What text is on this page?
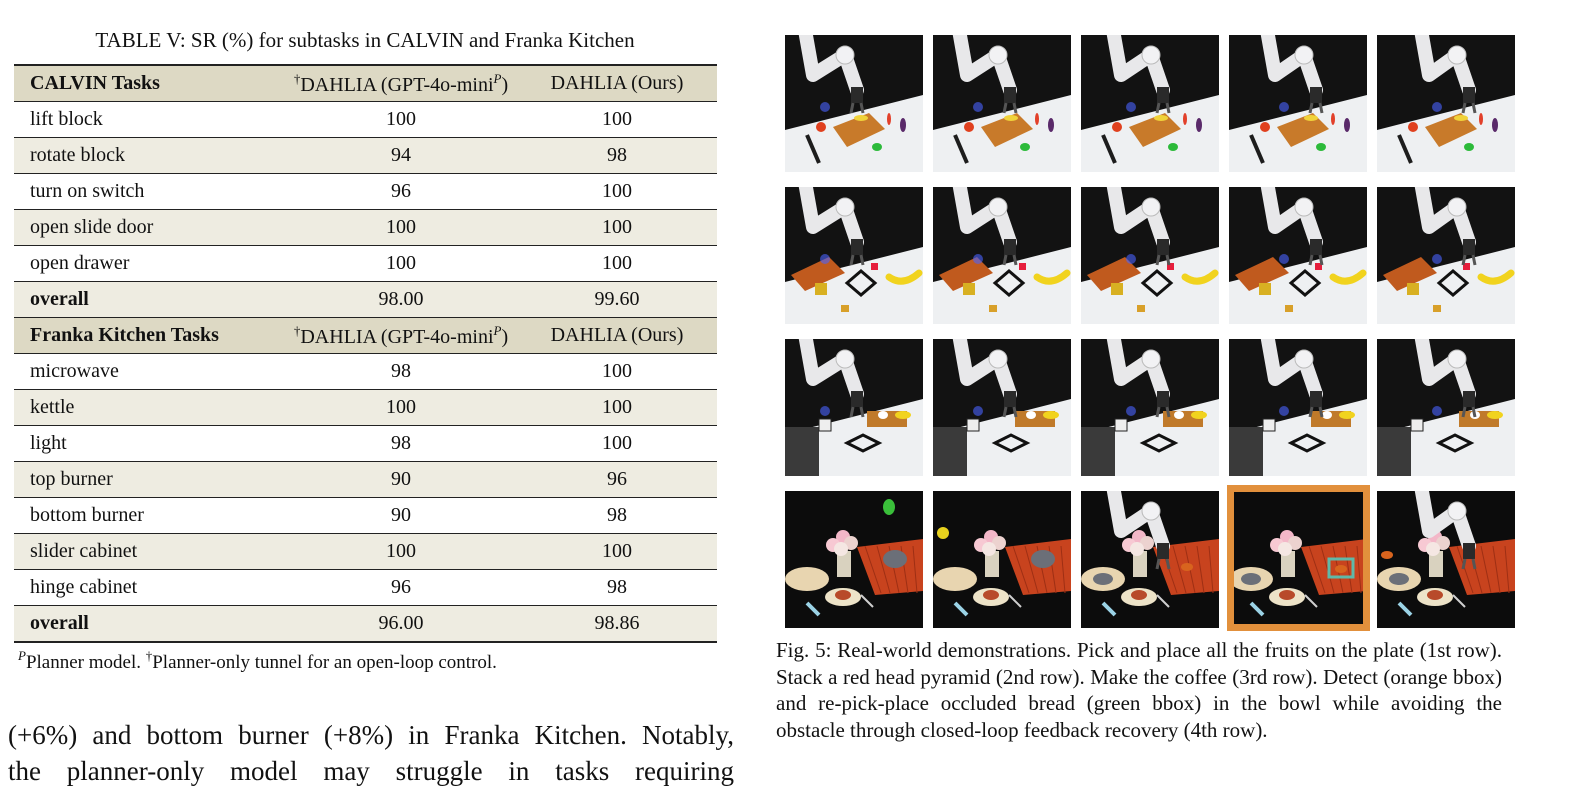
TABLE V: SR (%) for subtasks in CALVIN and Franka Kitchen
CALVIN Tasks	†DAHLIA (GPT-4o-mini$^P$)	DAHLIA (Ours)
lift block	100	100
rotate block	94	98
turn on switch	96	100
open slide door	100	100
open drawer	100	100
overall	98.00	99.60
Franka Kitchen Tasks	†DAHLIA (GPT-4o-mini$^P$)	DAHLIA (Ours)
microwave	98	100
kettle	100	100
light	98	100
top burner	90	96
bottom burner	90	98
slider cabinet	100	100
hinge cabinet	96	98
overall	96.00	98.86
$^P$Planner model. †Planner-only tunnel for an open-loop control.
(+6%) and bottom burner (+8%) in Franka Kitchen. Notably,
the planner-only model may struggle in tasks requiring
Fig. 5: Real-world demonstrations. Pick and place all the fruits on the plate (1st row). Stack a red head pyramid (2nd row). Make the coffee (3rd row). Detect (orange bbox) and re-pick-place occluded bread (green bbox) in the bowl while avoiding the obstacle through closed-loop feedback recovery (4th row).
